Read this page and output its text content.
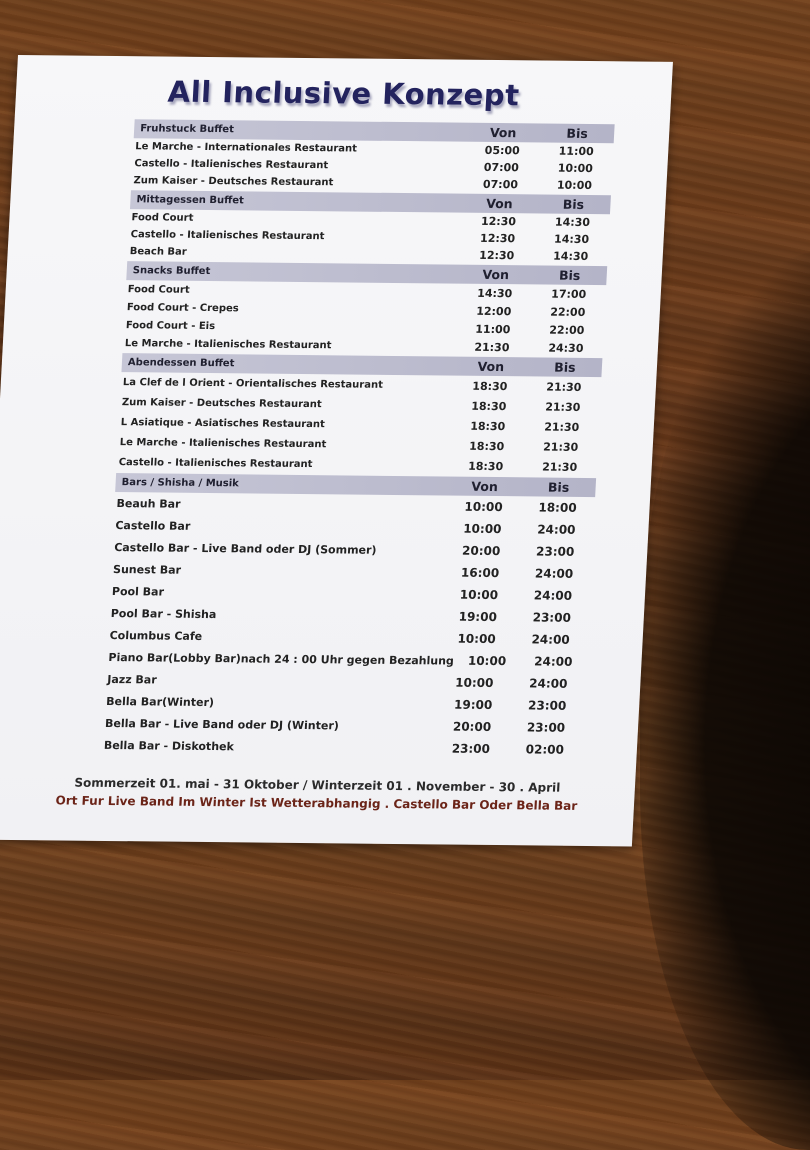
All Inclusive Konzept
Fruhstuck Buffet	Von	Bis
Le Marche - Internationales Restaurant	05:00	11:00
Castello - Italienisches Restaurant	07:00	10:00
Zum Kaiser - Deutsches Restaurant	07:00	10:00
Mittagessen Buffet	Von	Bis
Food Court	12:30	14:30
Castello - Italienisches Restaurant	12:30	14:30
Beach Bar	12:30	14:30
Snacks Buffet	Von	Bis
Food Court	14:30	17:00
Food Court - Crepes	12:00	22:00
Food Court - Eis	11:00	22:00
Le Marche - Italienisches Restaurant	21:30	24:30
Abendessen Buffet	Von	Bis
La Clef de l Orient - Orientalisches Restaurant	18:30	21:30
Zum Kaiser - Deutsches Restaurant	18:30	21:30
L Asiatique - Asiatisches Restaurant	18:30	21:30
Le Marche - Italienisches Restaurant	18:30	21:30
Castello - Italienisches Restaurant	18:30	21:30
Bars / Shisha / Musik	Von	Bis
Beauh Bar	10:00	18:00
Castello Bar	10:00	24:00
Castello Bar - Live Band oder DJ (Sommer)	20:00	23:00
Sunest Bar	16:00	24:00
Pool Bar	10:00	24:00
Pool Bar - Shisha	19:00	23:00
Columbus Cafe	10:00	24:00
Piano Bar(Lobby Bar)nach 24 : 00 Uhr gegen Bezahlung	10:00	24:00
Jazz Bar	10:00	24:00
Bella Bar(Winter)	19:00	23:00
Bella Bar - Live Band oder DJ (Winter)	20:00	23:00
Bella Bar - Diskothek	23:00	02:00
Sommerzeit 01. mai - 31 Oktober / Winterzeit 01 . November - 30 . April
Ort Fur Live Band Im Winter Ist Wetterabhangig . Castello Bar Oder Bella Bar
